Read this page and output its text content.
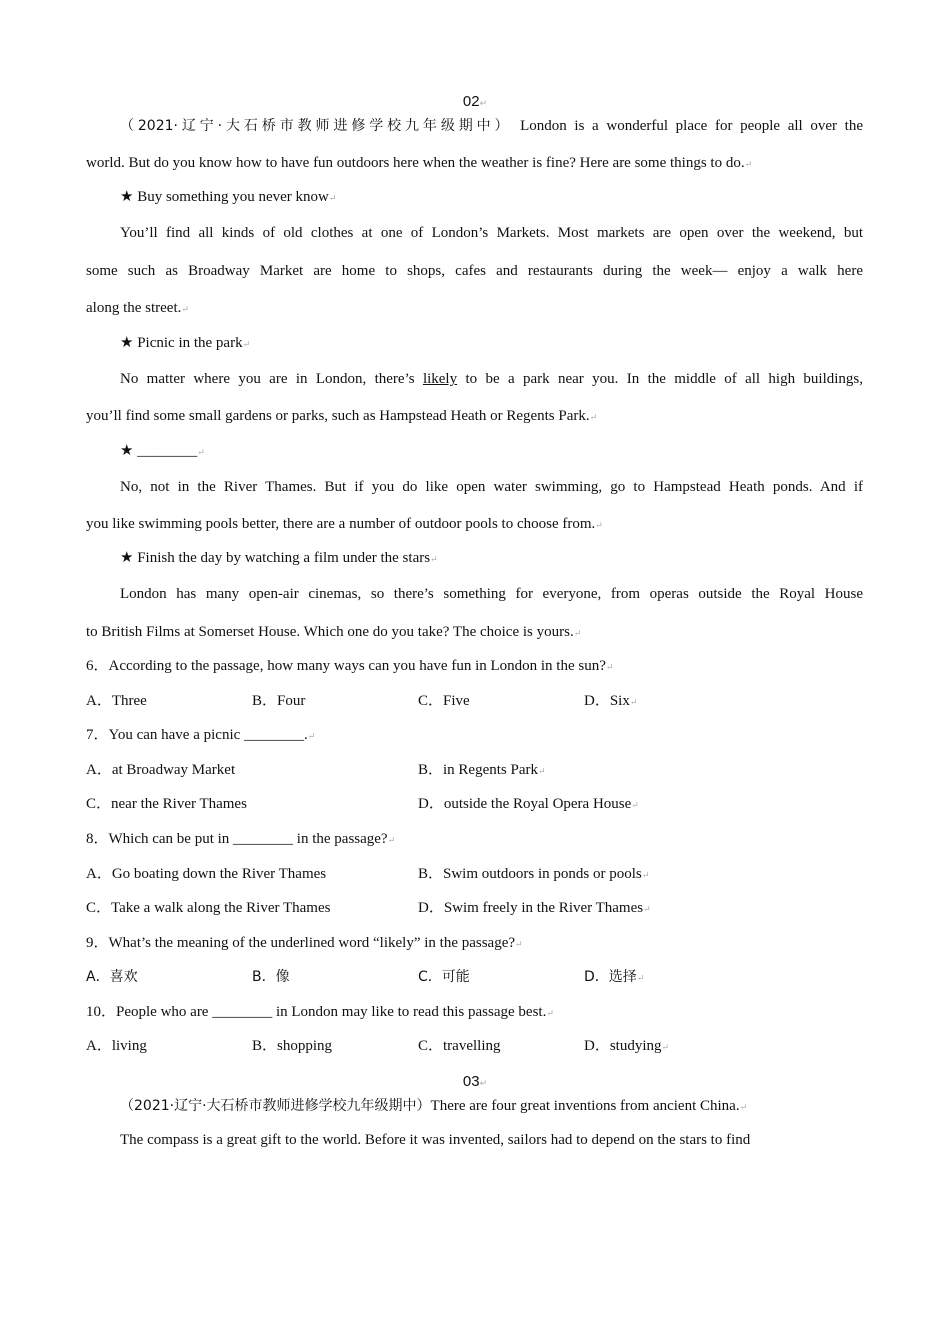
02↵
（2021·辽宁·大石桥市教师进修学校九年级期中） London is a wonderful place for people all over the
world. But do you know how to have fun outdoors here when the weather is fine? Here are some things to do.↵
★ Buy something you never know↵
You’ll find all kinds of old clothes at one of London’s Markets. Most markets are open over the weekend, but
some such as Broadway Market are home to shops, cafes and restaurants during the week— enjoy a walk here
along the street.↵
★ Picnic in the park↵
No matter where you are in London, there’s likely to be a park near you. In the middle of all high buildings,
you’ll find some small gardens or parks, such as Hampstead Heath or Regents Park.↵
★ ________↵
No, not in the River Thames. But if you do like open water swimming, go to Hampstead Heath ponds. And if
you like swimming pools better, there are a number of outdoor pools to choose from.↵
★ Finish the day by watching a film under the stars↵
London has many open-air cinemas, so there’s something for everyone, from operas outside the Royal House
to British Films at Somerset House. Which one do you take? The choice is yours.↵
6．According to the passage, how many ways can you have fun in London in the sun?↵
A．Three	B．Four	C．Five	D．Six↵
7．You can have a picnic ________.↵
A．at Broadway Market	B．in Regents Park↵
C．near the River Thames	D．outside the Royal Opera House↵
8．Which can be put in ________ in the passage?↵
A．Go boating down the River Thames	B．Swim outdoors in ponds or pools↵
C．Take a walk along the River Thames	D．Swim freely in the River Thames↵
9．What’s the meaning of the underlined word “likely” in the passage?↵
A．喜欢	B．像	C．可能	D．选择↵
10．People who are ________ in London may like to read this passage best.↵
A．living	B．shopping	C．travelling	D．studying↵
03↵
（2021·辽宁·大石桥市教师进修学校九年级期中）There are four great inventions from ancient China.↵
The compass is a great gift to the world. Before it was invented, sailors had to depend on the stars to find
